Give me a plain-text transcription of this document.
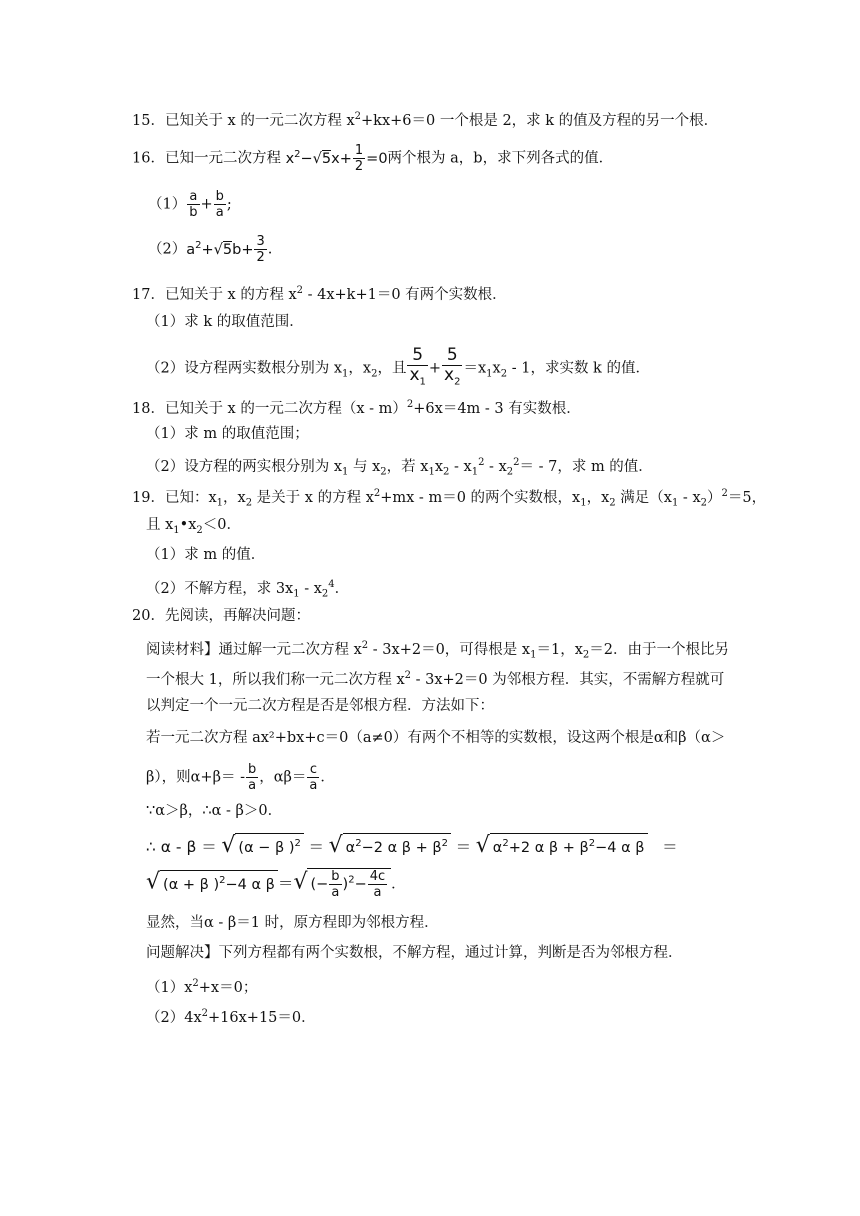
15．已知关于 x 的一元二次方程 $x^2+kx+6=0$ 一个根是 2，求 k 的值及方程的另一个根．
16．已知一元二次方程 $x^2-√5x+ \frac{1}{2} =0$两个根为 a，b，求下列各式的值．
$(1) \frac{a}{b} + \frac{b}{a}$ ;
$(2)a^2+√5b+ \frac{3}{2}$ .
17．已知关于 x 的方程 $x^2 - 4x+k+1=0$ 有两个实数根．
（1）求 k 的取值范围．
（2）设方程两实数根分别为 $x_1$，$x_2$，且 $\frac{5}{x_1} + \frac{5}{x_2} =x_1x_2 - 1$，求实数 k 的值．
18．已知关于 x 的一元二次方程（x - m）$^2$+6x＝4m - 3 有实数根．
（1）求 m 的取值范围；
（2）设方程的两实根分别为 $x_1$ 与 $x_2$，若 $x_1x_2 - x_1^2 - x_2^2= - 7$，求 m 的值．
19．已知：$x_1$，$x_2$ 是关于 x 的方程 $x^2+mx - m=0$ 的两个实数根，$x_1$，$x_2$ 满足$(x_1 - x_2)^2=5$，
且 $x_1•x_2<0$．
（1）求 m 的值．
（2）不解方程，求 $3x_1 - x_2^4$．
20．先阅读，再解决问题：
阅读材料】通过解一元二次方程 $x^2 - 3x+2=0$，可得根是 $x_1=1$，$x_2=2$．由于一个根比另
一个根大 1，所以我们称一元二次方程 $x^2 - 3x+2=0$ 为邻根方程．其实，不需解方程就可
以判定一个一元二次方程是否是邻根方程．方法如下：
若一元二次方程 ax²+bx+c＝0（a≠0）有两个不相等的实数根，设这两个根是α和β（α＞
β），则$\alpha+\beta= - \frac{b}{a}$ ，$\alpha\beta= \frac{c}{a}$ ．
∵α＞β，∴α - β＞0．
∴ α - β ＝ √ (α − β )$^2$ ＝ √ $\alpha^2-2$ α $\beta + \beta^2$ ＝ √ $\alpha^2+2$ α $\beta + \beta^2-4$ α β ＝
√ (α + β )$^2$−4 α β ＝√ (− $\frac{b}{a} )^2- \frac{4c}{a}$ ．
显然，当α - β＝1 时，原方程即为邻根方程．
问题解决】下列方程都有两个实数根，不解方程，通过计算，判断是否为邻根方程．
$(1)x^2+x=0$；
$(2)4x^2+16x+15=0$．
